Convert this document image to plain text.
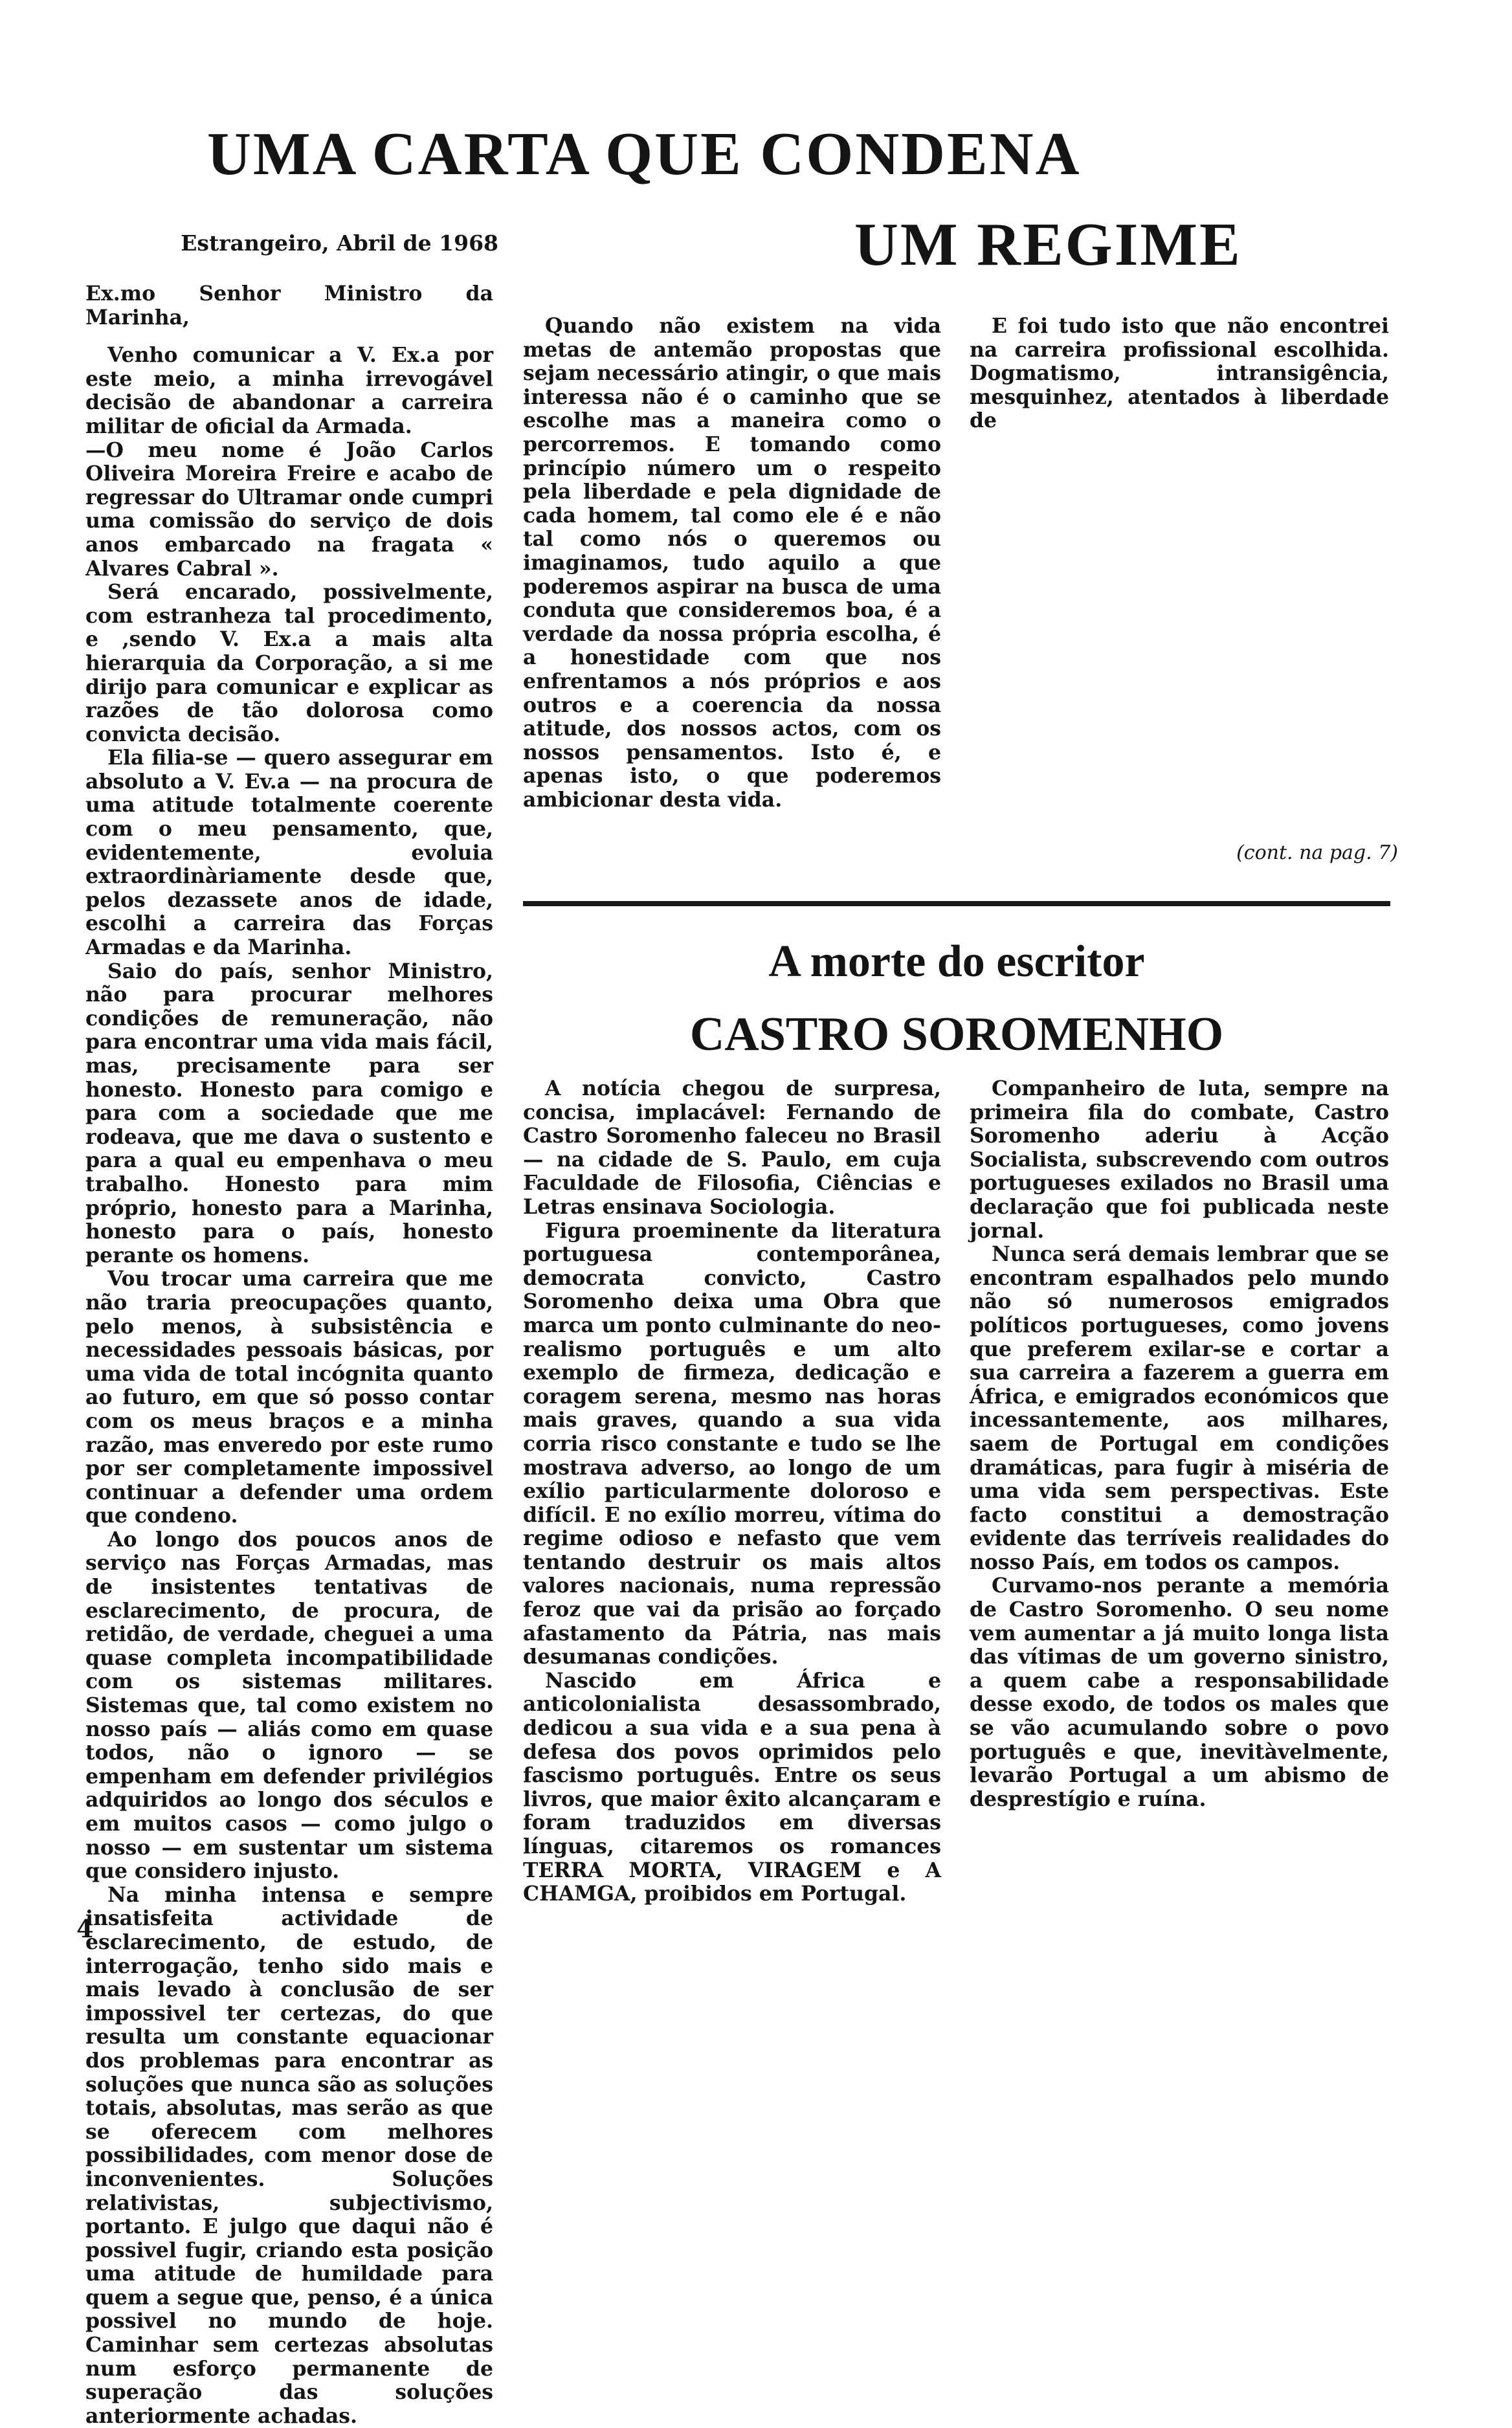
UMA CARTA QUE CONDENA
UM REGIME
Estrangeiro, Abril de 1968

Ex.mo Senhor Ministro da Marinha,

Venho comunicar a V. Ex.a por este meio, a minha irrevogável decisão de abandonar a carreira militar de oficial da Armada.

—O meu nome é João Carlos Oliveira Moreira Freire e acabo de regressar do Ultramar onde cumpri uma comissão do serviço de dois anos embarcado na fragata « Alvares Cabral ».

Será encarado, possivelmente, com estranheza tal procedimento, e ,sendo V. Ex.a a mais alta hierarquia da Corporação, a si me dirijo para comunicar e explicar as razões de tão dolorosa como convicta decisão.

Ela filia-se — quero assegurar em absoluto a V. Ev.a — na procura de uma atitude totalmente coerente com o meu pensamento, que, evidentemente, evoluia extraordinàriamente desde que, pelos dezassete anos de idade, escolhi a carreira das Forças Armadas e da Marinha.

Saio do país, senhor Ministro, não para procurar melhores condições de remuneração, não para encontrar uma vida mais fácil, mas, precisamente para ser honesto. Honesto para comigo e para com a sociedade que me rodeava, que me dava o sustento e para a qual eu empenhava o meu trabalho. Honesto para mim próprio, honesto para a Marinha, honesto para o país, honesto perante os homens.

Vou trocar uma carreira que me não traria preocupações quanto, pelo menos, à subsistência e necessidades pessoais básicas, por uma vida de total incógnita quanto ao futuro, em que só posso contar com os meus braços e a minha razão, mas enveredo por este rumo por ser completamente impossivel continuar a defender uma ordem que condeno.

Ao longo dos poucos anos de serviço nas Forças Armadas, mas de insistentes tentativas de esclarecimento, de procura, de retidão, de verdade, cheguei a uma quase completa incompatibilidade com os sistemas militares. Sistemas que, tal como existem no nosso país — aliás como em quase todos, não o ignoro — se empenham em defender privilégios adquiridos ao longo dos séculos e em muitos casos — como julgo o nosso — em sustentar um sistema que considero injusto.

Na minha intensa e sempre insatisfeita actividade de esclarecimento, de estudo, de interrogação, tenho sido mais e mais levado à conclusão de ser impossivel ter certezas, do que resulta um constante equacionar dos problemas para encontrar as soluções que nunca são as soluções totais, absolutas, mas serão as que se oferecem com melhores possibilidades, com menor dose de inconvenientes. Soluções relativistas, subjectivismo, portanto. E julgo que daqui não é possivel fugir, criando esta posição uma atitude de humildade para quem a segue que, penso, é a única possivel no mundo de hoje. Caminhar sem certezas absolutas num esforço permanente de superação das soluções anteriormente achadas.

Quando não existem na vida metas de antemão propostas que sejam necessário atingir, o que mais interessa não é o caminho que se escolhe mas a maneira como o percorremos. E tomando como princípio número um o respeito pela liberdade e pela dignidade de cada homem, tal como ele é e não tal como nós o queremos ou imaginamos, tudo aquilo a que poderemos aspirar na busca de uma conduta que consideremos boa, é a verdade da nossa própria escolha, é a honestidade com que nos enfrentamos a nós próprios e aos outros e a coerencia da nossa atitude, dos nossos actos, com os nossos pensamentos. Isto é, e apenas isto, o que poderemos ambicionar desta vida.

E foi tudo isto que não encontrei na carreira profissional escolhida. Dogmatismo, intransigência, mesquinhez, atentados à liberdade de

(cont. na pag. 7)
A morte do escritor
CASTRO SOROMENHO

A notícia chegou de surpresa, concisa, implacável: Fernando de Castro Soromenho faleceu no Brasil — na cidade de S. Paulo, em cuja Faculdade de Filosofia, Ciências e Letras ensinava Sociologia.

Figura proeminente da literatura portuguesa contemporânea, democrata convicto, Castro Soromenho deixa uma Obra que marca um ponto culminante do neo-realismo português e um alto exemplo de firmeza, dedicação e coragem serena, mesmo nas horas mais graves, quando a sua vida corria risco constante e tudo se lhe mostrava adverso, ao longo de um exílio particularmente doloroso e difícil. E no exílio morreu, vítima do regime odioso e nefasto que vem tentando destruir os mais altos valores nacionais, numa repressão feroz que vai da prisão ao forçado afastamento da Pátria, nas mais desumanas condições.

Nascido em África e anticolonialista desassombrado, dedicou a sua vida e a sua pena à defesa dos povos oprimidos pelo fascismo português. Entre os seus livros, que maior êxito alcançaram e foram traduzidos em diversas línguas, citaremos os romances TERRA MORTA, VIRAGEM e A CHAMGA, proibidos em Portugal.

Companheiro de luta, sempre na primeira fila do combate, Castro Soromenho aderiu à Acção Socialista, subscrevendo com outros portugueses exilados no Brasil uma declaração que foi publicada neste jornal.

Nunca será demais lembrar que se encontram espalhados pelo mundo não só numerosos emigrados políticos portugueses, como jovens que preferem exilar-se e cortar a sua carreira a fazerem a guerra em África, e emigrados económicos que incessantemente, aos milhares, saem de Portugal em condições dramáticas, para fugir à miséria de uma vida sem perspectivas. Este facto constitui a demostração evidente das terríveis realidades do nosso País, em todos os campos.

Curvamo-nos perante a memória de Castro Soromenho. O seu nome vem aumentar a já muito longa lista das vítimas de um governo sinistro, a quem cabe a responsabilidade desse exodo, de todos os males que se vão acumulando sobre o povo português e que, inevitàvelmente, levarão Portugal a um abismo de desprestígio e ruína.

4
